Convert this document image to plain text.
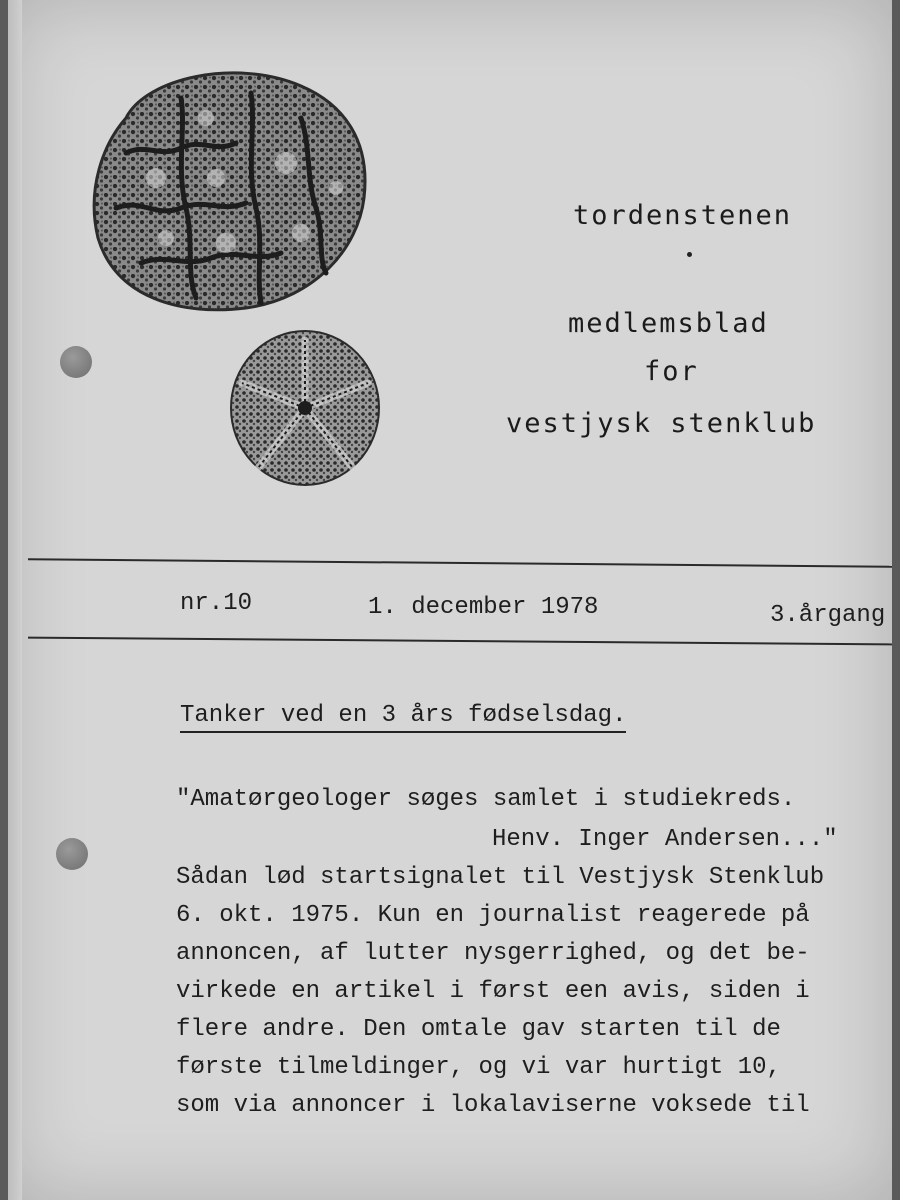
tordenstenen
medlemsblad
for
vestjysk stenklub
nr.10	1. december 1978	3.årgang
Tanker ved en 3 års fødselsdag.
"Amatørgeologer søges samlet i studiekreds.
Henv. Inger Andersen..."
Sådan lød startsignalet til Vestjysk Stenklub
6. okt. 1975. Kun en journalist reagerede på
annoncen, af lutter nysgerrighed, og det be-
virkede en artikel i først een avis, siden i
flere andre. Den omtale gav starten til de
første tilmeldinger, og vi var hurtigt 10,
som via annoncer i lokalaviserne voksede til
